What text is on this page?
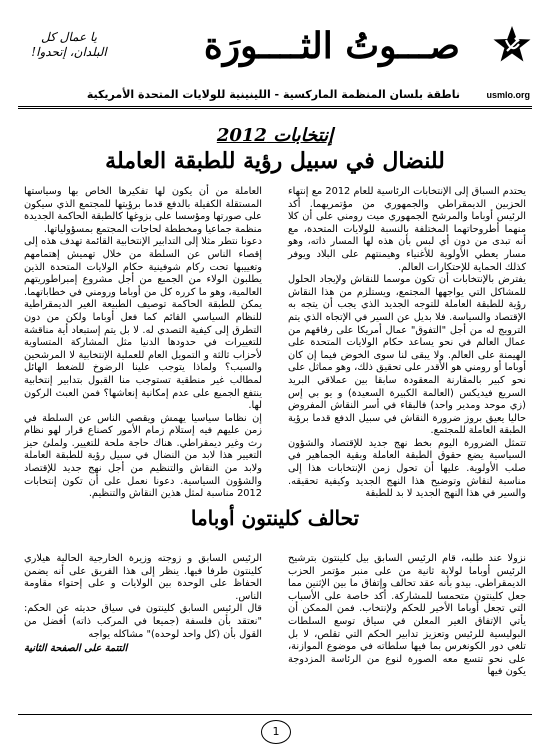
usmlo.org
صـــوتُ الثــــورَة
ناطقة بلسان المنظمة الماركسية - اللينينية للولايات المتحدة الأمريكية
يا عمال كل البلدان، إتحدوا!
إنتخابات 2012
للنضال في سبيل رؤية للطبقة العاملة

يحتدم السباق إلى الإنتخابات الرئاسية للعام 2012 مع إنتهاء الحزبين الديمقراطي والجمهوري من مؤتمريهما. أكد الرئيس أوباما والمرشح الجمهوري ميت رومني على أن كلا منهما أطروحاتهما المختلفة بالنسبة للولايات المتحدة، مع أنه تبدى من دون أي لبس بأن هذه لها المسار ذاته، وهو مسار يعطي الأولوية للأغنياء وهيمنتهم على البلاد ويوفر كذلك الحماية للإحتكارات العالم.

يفترض بالإنتخابات أن تكون موسما للنقاش ولإيجاد الحلول للمشاكل التي يواجهها المجتمع، ويستلزم من هذا النقاش رؤية للطبقة العاملة للتوجه الجديد الذي يجب أن يتجه به الإقتصاد والسياسة. فلا بديل عن السير في الإتجاه الذي يتم الترويج له من أجل "التفوق" عمال أمريكا على رفاقهم من عمال العالم في نحو يساعد حكام الولايات المتحدة على الهيمنة على العالم. ولا يبقى لنا سوى الخوض فيما إن كان أوباما أو رومني هو الأقدر على تحقيق ذلك، وهو مماثل على نحو كبير بالمقارنة المعقودة سابقا بين عملاقي البريد السريع فيديكس (العالمة الكبيرة السعيدة) و يو بي إس (زي موحد ومدير واحد) فالبقاء في أسر النقاش المفروض حاليا يعيق بروز ضرورة النقاش في سبيل الدفع قدما برؤية الطبقة العاملة للمجتمع.

تتمثل الضرورة اليوم بخط نهج جديد للإقتصاد والشؤون السياسية يضع حقوق الطبقة العاملة وبقية الجماهير في صلب الأولوية. عليها أن تحول زمن الإنتخابات هذا إلى مناسبة لنقاش وتوضيح هذا النهج الجديد وكيفية تحقيقه. والسير في هذا النهج الجديد لا بد للطبقة

العاملة من أن يكون لها تفكيرها الخاص بها وسياستها المستقلة الكفيلة بالدفع قدما برؤيتها للمجتمع الذي سيكون على صورتها ومؤسسا على بزوغها كالطبقة الحاكمة الجديدة منظمة جماعيا ومخططة لحاجات المجتمع بمسؤولياتها.

دعونا نتطر مثلا إلى التدابير الإنتخابية القائمة تهدف هذه إلى إقصاء الناس عن السلطة من خلال تهميش إهتمامهم وتغييبها تحت ركام شوفينية حكام الولايات المتحدة الذين يطلبون الولاء من الجميع من أجل مشروع إمبراطوريتهم العالمية، وهو ما كرره كل من أوباما ورومني في خطاباتهما. يمكن للطبقة الحاكمة توصيف الطبيعة الغير الديمقراطية للنظام السياسي القائم كما فعل أوباما ولكن من دون التطرق إلى كيفية التصدي له. لا بل يتم إستبعاد أية مناقشة للتغييرات في حدودها الدنيا مثل المشاركة المتساوية لأحزاب ثالثة و التمويل العام للعملية الإنتخابية لا المرشحين والسبب؟ ولماذا يتوجب علينا الرضوخ للضغط الهائل لمطالب غير منطقية تستوجب منا القبول بتدابير إنتخابية ينتفع الجميع على عدم إمكانية إنعاشها؟ فمن العبث الركون لها.

إن نظاما سياسيا يهمش ويقصي الناس عن السلطة في زمن عليهم فيه إستلام زمام الأمور كصناع قرار لهو نظام رث وغير ديمقراطي. هناك حاجة ملحة للتغيير. ولملئ حيز التغيير هذا لابد من النضال في سبيل رؤية للطبقة العاملة ولابد من النقاش والتنظيم من أجل نهج جديد للإقتصاد والشؤون السياسية. دعونا نعمل على أن تكون إنتخابات 2012 مناسبة لمثل هذين النقاش والتنظيم.

تحالف كلينتون أوباما

نزولا عند طلبه، قام الرئيس السابق بيل كلينتون بترشيح الرئيس أوباما لولاية ثانية من على منبر مؤتمر الحزب الديمقراطي. بيدو بأنه عقد تحالف وإتفاق ما بين الإثنين مما جعل كلينتون متحمسا للمشاركة. أكد خاصة على الأسباب التي تجعل أوباما الأخير للحكم ولإنتخاب. فمن الممكن أن يأتي الإتفاق الغير المعلن في سياق توسع السلطات البوليسية للرئيس وتعزيز تدابير الحكم التي تقلص، لا بل تلغي دور الكونغرس بما فيها سلطاته في موضوع الموازنة، على نحو تتسع معه الصورة لنوع من الرئاسة المزدوجة يكون فيها

الرئيس السابق و زوجته وزيرة الخارجية الحالية هيلاري كلينتون طرفا فيها. ينظر إلى هذا الفريق على أنه يضمن الحفاظ على الوحدة بين الولايات و على إحتواء مقاومة الناس.

قال الرئيس السابق كلينتون في سياق حديثه عن الحكم: "نعتقد بأن فلسفة (جميعا في المركب ذاته) أفضل من القول بأن (كل واحد لوحده)" مشاكله يواجه

التتمة على الصفحة الثانية
1
